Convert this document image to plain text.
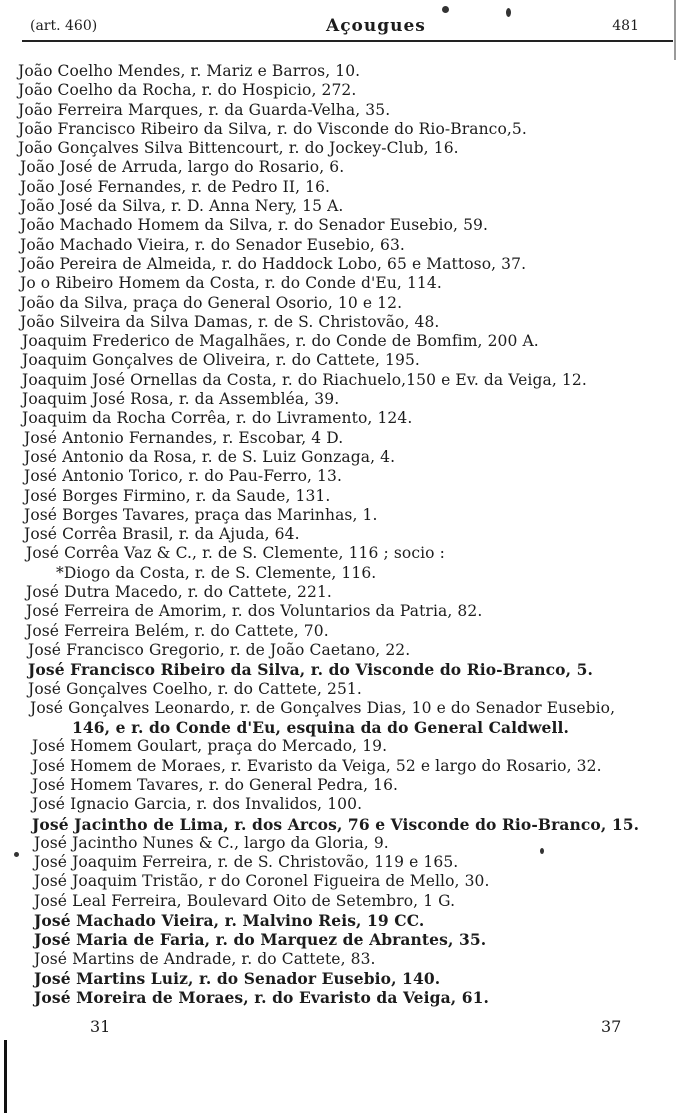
(art. 460)	Açougues	481
João Coelho Mendes, r. Mariz e Barros, 10.
João Coelho da Rocha, r. do Hospicio, 272.
João Ferreira Marques, r. da Guarda-Velha, 35.
João Francisco Ribeiro da Silva, r. do Visconde do Rio-Branco,5.
João Gonçalves Silva Bittencourt, r. do Jockey-Club, 16.
João José de Arruda, largo do Rosario, 6.
João José Fernandes, r. de Pedro II, 16.
João José da Silva, r. D. Anna Nery, 15 A.
João Machado Homem da Silva, r. do Senador Eusebio, 59.
João Machado Vieira, r. do Senador Eusebio, 63.
João Pereira de Almeida, r. do Haddock Lobo, 65 e Mattoso, 37.
Jo o Ribeiro Homem da Costa, r. do Conde d'Eu, 114.
João da Silva, praça do General Osorio, 10 e 12.
João Silveira da Silva Damas, r. de S. Christovão, 48.
Joaquim Frederico de Magalhães, r. do Conde de Bomfim, 200 A.
Joaquim Gonçalves de Oliveira, r. do Cattete, 195.
Joaquim José Ornellas da Costa, r. do Riachuelo,150 e Ev. da Veiga, 12.
Joaquim José Rosa, r. da Assembléa, 39.
Joaquim da Rocha Corrêa, r. do Livramento, 124.
José Antonio Fernandes, r. Escobar, 4 D.
José Antonio da Rosa, r. de S. Luiz Gonzaga, 4.
José Antonio Torico, r. do Pau-Ferro, 13.
José Borges Firmino, r. da Saude, 131.
José Borges Tavares, praça das Marinhas, 1.
José Corrêa Brasil, r. da Ajuda, 64.
José Corrêa Vaz & C., r. de S. Clemente, 116 ; socio :
*Diogo da Costa, r. de S. Clemente, 116.
José Dutra Macedo, r. do Cattete, 221.
José Ferreira de Amorim, r. dos Voluntarios da Patria, 82.
José Ferreira Belém, r. do Cattete, 70.
José Francisco Gregorio, r. de João Caetano, 22.
José Francisco Ribeiro da Silva, r. do Visconde do Rio-Branco, 5.
José Gonçalves Coelho, r. do Cattete, 251.
José Gonçalves Leonardo, r. de Gonçalves Dias, 10 e do Senador Eusebio,
146, e r. do Conde d'Eu, esquina da do General Caldwell.
José Homem Goulart, praça do Mercado, 19.
José Homem de Moraes, r. Evaristo da Veiga, 52 e largo do Rosario, 32.
José Homem Tavares, r. do General Pedra, 16.
José Ignacio Garcia, r. dos Invalidos, 100.
José Jacintho de Lima, r. dos Arcos, 76 e Visconde do Rio-Branco, 15.
José Jacintho Nunes & C., largo da Gloria, 9.
José Joaquim Ferreira, r. de S. Christovão, 119 e 165.
José Joaquim Tristão, r do Coronel Figueira de Mello, 30.
José Leal Ferreira, Boulevard Oito de Setembro, 1 G.
José Machado Vieira, r. Malvino Reis, 19 CC.
José Maria de Faria, r. do Marquez de Abrantes, 35.
José Martins de Andrade, r. do Cattete, 83.
José Martins Luiz, r. do Senador Eusebio, 140.
José Moreira de Moraes, r. do Evaristo da Veiga, 61.
31	37
